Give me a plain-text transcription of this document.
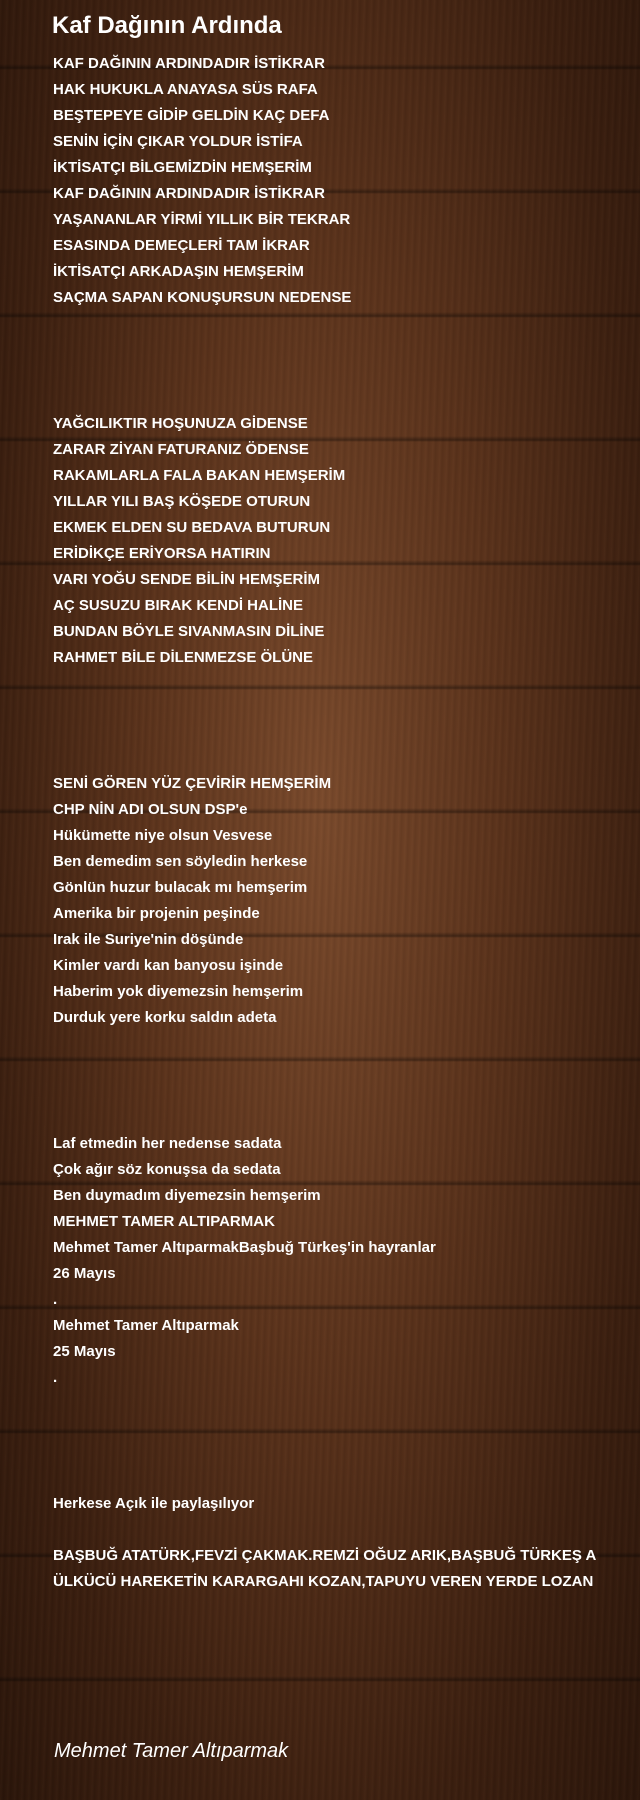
Kaf Dağının Ardında

KAF DAĞININ ARDINDADIR İSTİKRAR

HAK HUKUKLA ANAYASA SÜS RAFA

BEŞTEPEYE GİDİP GELDİN KAÇ DEFA

SENİN İÇİN ÇIKAR YOLDUR İSTİFA

İKTİSATÇI BİLGEMİZDİN HEMŞERİM

KAF DAĞININ ARDINDADIR İSTİKRAR

YAŞANANLAR YİRMİ YILLIK BİR TEKRAR

ESASINDA DEMEÇLERİ TAM İKRAR

İKTİSATÇI ARKADAŞIN HEMŞERİM

SAÇMA SAPAN KONUŞURSUN NEDENSE

YAĞCILIKTIR HOŞUNUZA GİDENSE

ZARAR ZİYAN FATURANIZ ÖDENSE

RAKAMLARLA FALA BAKAN HEMŞERİM

YILLAR YILI BAŞ KÖŞEDE OTURUN

EKMEK ELDEN SU BEDAVA BUTURUN

ERİDİKÇE ERİYORSA HATIRIN

VARI YOĞU SENDE BİLİN HEMŞERİM

AÇ SUSUZU BIRAK KENDİ HALİNE

BUNDAN BÖYLE SIVANMASIN DİLİNE

RAHMET BİLE DİLENMEZSE ÖLÜNE

SENİ GÖREN YÜZ ÇEVİRİR HEMŞERİM

CHP NİN ADI OLSUN DSP'e

Hükümette niye olsun Vesvese

Ben demedim sen söyledin herkese

Gönlün huzur bulacak mı hemşerim

Amerika bir projenin peşinde

Irak ile Suriye'nin döşünde

Kimler vardı kan banyosu işinde

Haberim yok diyemezsin hemşerim

Durduk yere korku saldın adeta

Laf etmedin her nedense sadata

Çok ağır söz konuşsa da sedata

Ben duymadım diyemezsin hemşerim

MEHMET TAMER ALTIPARMAK

Mehmet Tamer AltıparmakBaşbuğ Türkeş'in hayranlar

26 Mayıs

.

Mehmet Tamer Altıparmak

25 Mayıs

.

Herkese Açık ile paylaşılıyor

BAŞBUĞ ATATÜRK,FEVZİ ÇAKMAK.REMZİ OĞUZ ARIK,BAŞBUĞ TÜRKEŞ A

ÜLKÜCÜ HAREKETİN KARARGAHI KOZAN,TAPUYU VEREN YERDE LOZAN

Mehmet Tamer Altıparmak
